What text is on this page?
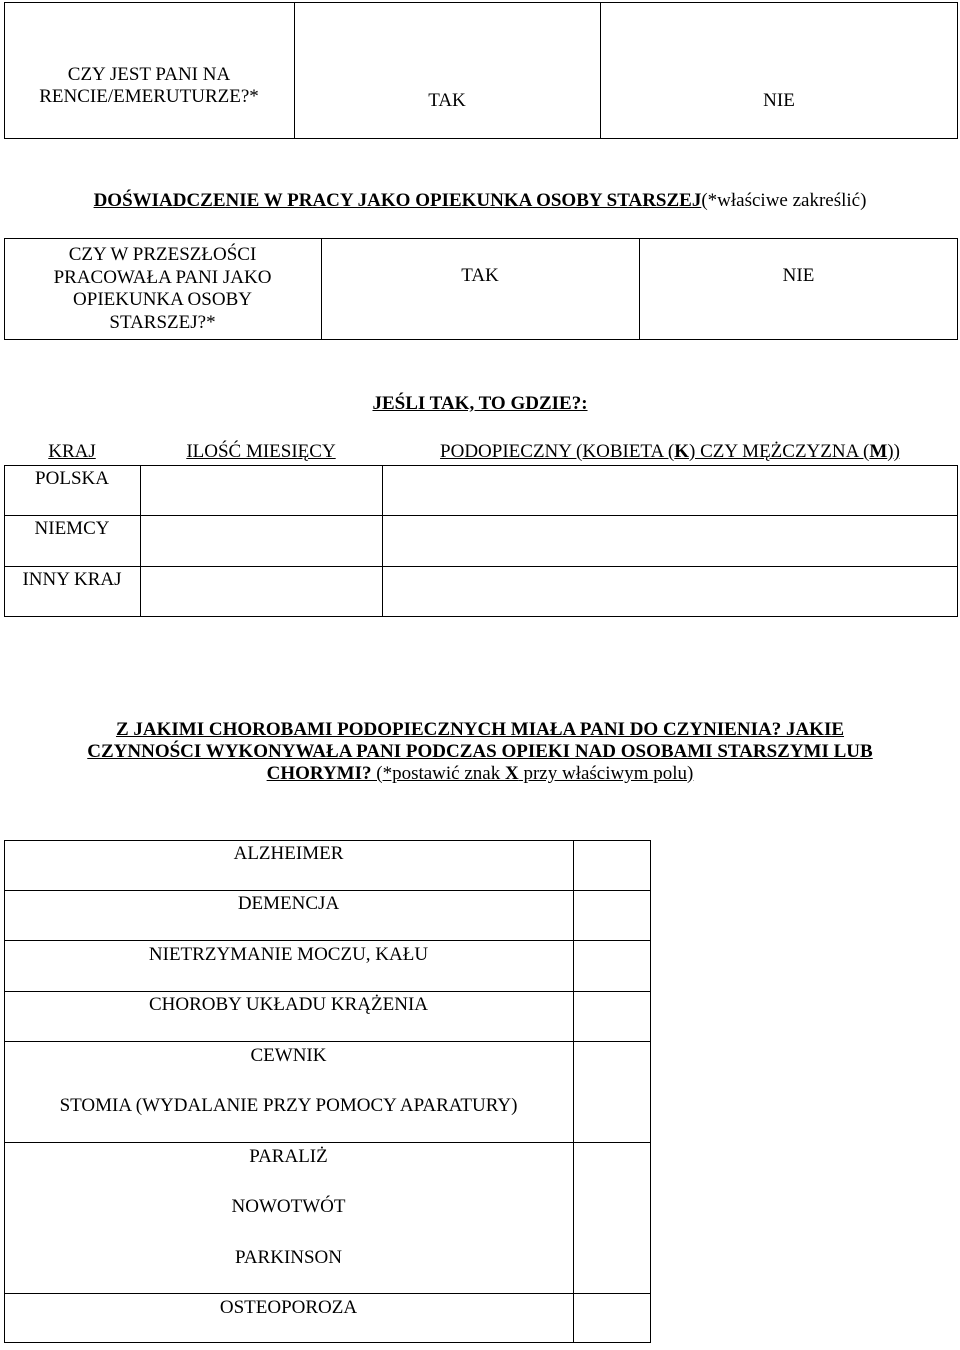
CZY JEST PANI NA
RENCIE/EMERUTURZE?*	TAK	NIE
DOŚWIADCZENIE W PRACY JAKO OPIEKUNKA OSOBY STARSZEJ(*właściwe zakreślić)
CZY W PRZESZŁOŚCI
PRACOWAŁA PANI JAKO
OPIEKUNKA OSOBY
STARSZEJ?*
TAK	NIE
JEŚLI TAK, TO GDZIE?:
KRAJ	ILOŚĆ MIESIĘCY	PODOPIECZNY (KOBIETA (K) CZY MĘŻCZYZNA (M))
POLSKA
NIEMCY
INNY KRAJ
Z JAKIMI CHOROBAMI PODOPIECZNYCH MIAŁA PANI DO CZYNIENIA? JAKIE
CZYNNOŚCI WYKONYWAŁA PANI PODCZAS OPIEKI NAD OSOBAMI STARSZYMI LUB
CHORYMI? (*postawić znak X przy właściwym polu)
ALZHEIMER
DEMENCJA
NIETRZYMANIE MOCZU, KAŁU
CHOROBY UKŁADU KRĄŻENIA
CEWNIK
STOMIA (WYDALANIE PRZY POMOCY APARATURY)
PARALIŻ
NOWOTWÓT
PARKINSON
OSTEOPOROZA
